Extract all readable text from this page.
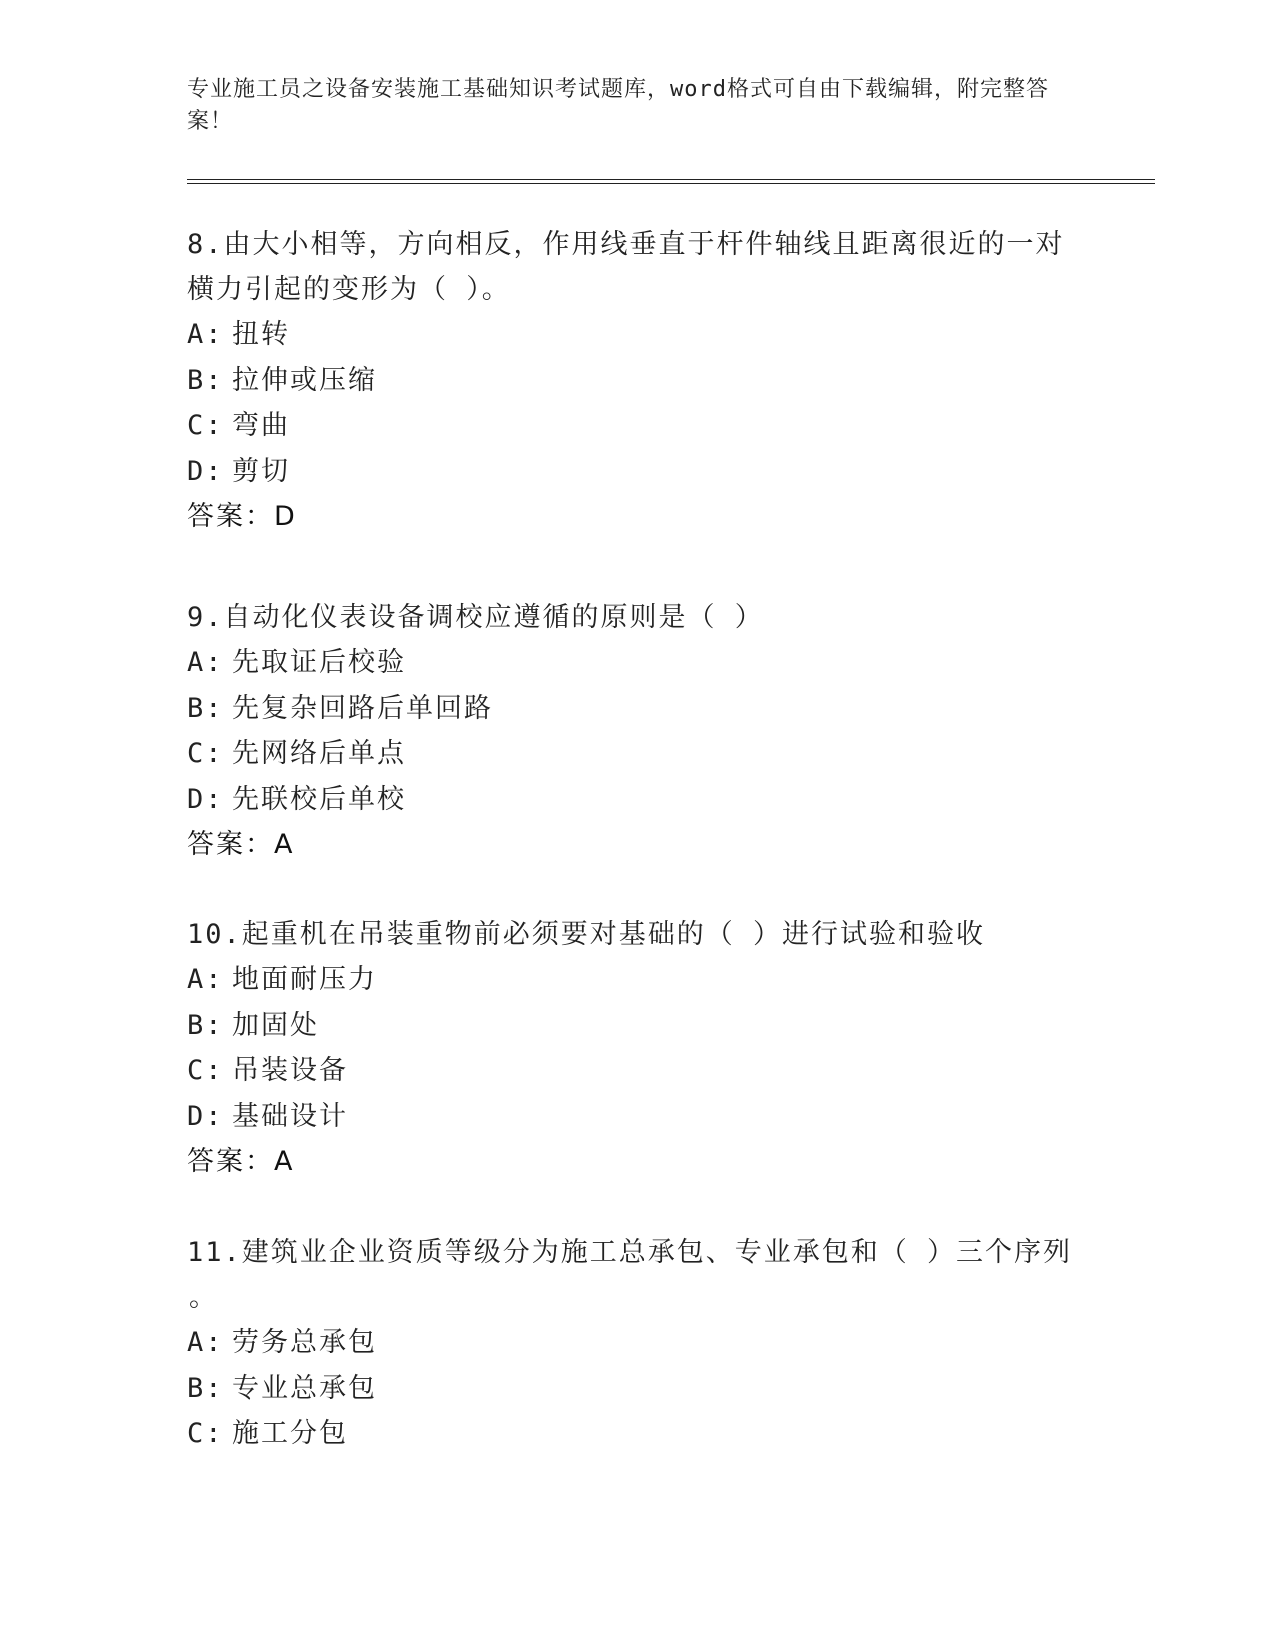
专业施工员之设备安装施工基础知识考试题库，word格式可自由下载编辑，附完整答案！

8.由大小相等，方向相反，作用线垂直于杆件轴线且距离很近的一对

横力引起的变形为（ ）。

A: 扭转

B: 拉伸或压缩

C: 弯曲

D: 剪切

答案：D

9.自动化仪表设备调校应遵循的原则是（ ）

A: 先取证后校验

B: 先复杂回路后单回路

C: 先网络后单点

D: 先联校后单校

答案：A

10.起重机在吊装重物前必须要对基础的（ ）进行试验和验收

A: 地面耐压力

B: 加固处

C: 吊装设备

D: 基础设计

答案：A

11.建筑业企业资质等级分为施工总承包、专业承包和（ ）三个序列

。

A: 劳务总承包

B: 专业总承包

C: 施工分包
